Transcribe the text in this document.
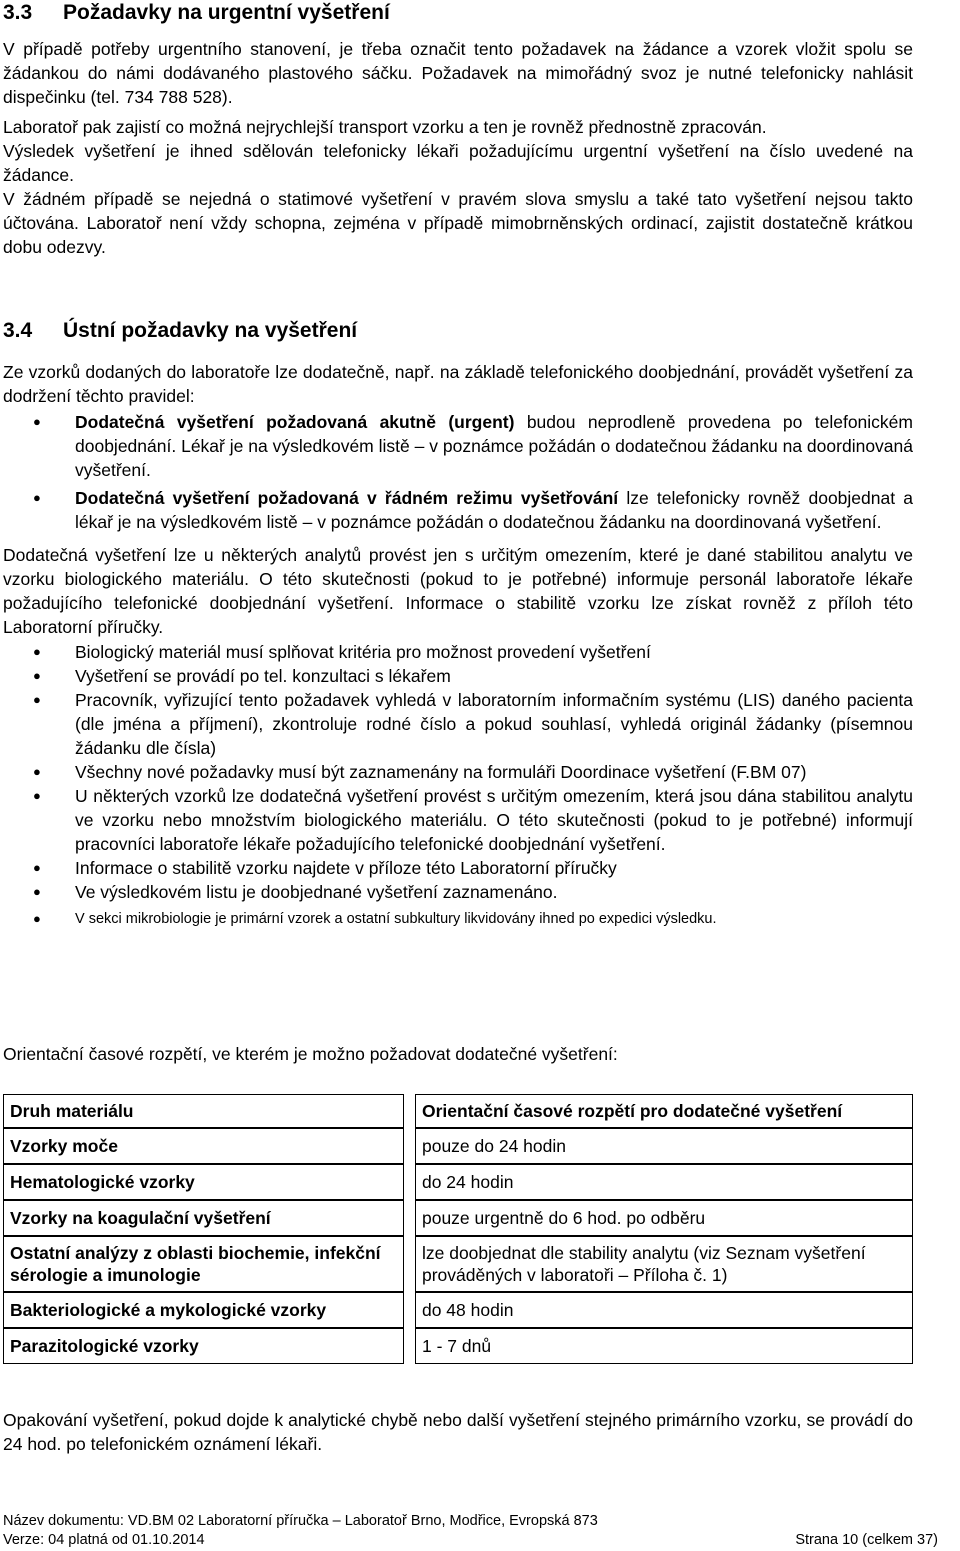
3.3 Požadavky na urgentní vyšetření

V případě potřeby urgentního stanovení, je třeba označit tento požadavek na žádance a vzorek vložit spolu se žádankou do námi dodávaného plastového sáčku. Požadavek na mimořádný svoz je nutné telefonicky nahlásit dispečinku (tel. 734 788 528).

Laboratoř pak zajistí co možná nejrychlejší transport vzorku a ten je rovněž přednostně zpracován.

Výsledek vyšetření je ihned sdělován telefonicky lékaři požadujícímu urgentní vyšetření na číslo uvedené na žádance.

V žádném případě se nejedná o statimové vyšetření v pravém slova smyslu a také tato vyšetření nejsou takto účtována. Laboratoř není vždy schopna, zejména v případě mimobrněnských ordinací, zajistit dostatečně krátkou dobu odezvy.

3.4 Ústní požadavky na vyšetření

Ze vzorků dodaných do laboratoře lze dodatečně, např. na základě telefonického doobjednání, provádět vyšetření za dodržení těchto pravidel:

● Dodatečná vyšetření požadovaná akutně (urgent) budou neprodleně provedena po telefonickém doobjednání. Lékař je na výsledkovém listě – v poznámce požádán o dodatečnou žádanku na doordinovaná vyšetření.
● Dodatečná vyšetření požadovaná v řádném režimu vyšetřování lze telefonicky rovněž doobjednat a lékař je na výsledkovém listě – v poznámce požádán o dodatečnou žádanku na doordinovaná vyšetření.

Dodatečná vyšetření lze u některých analytů provést jen s určitým omezením, které je dané stabilitou analytu ve vzorku biologického materiálu. O této skutečnosti (pokud to je potřebné) informuje personál laboratoře lékaře požadujícího telefonické doobjednání vyšetření. Informace o stabilitě vzorku lze získat rovněž z příloh této Laboratorní příručky.

● Biologický materiál musí splňovat kritéria pro možnost provedení vyšetření
● Vyšetření se provádí po tel. konzultaci s lékařem
● Pracovník, vyřizující tento požadavek vyhledá v laboratorním informačním systému (LIS) daného pacienta (dle jména a příjmení), zkontroluje rodné číslo a pokud souhlasí, vyhledá originál žádanky (písemnou žádanku dle čísla)
● Všechny nové požadavky musí být zaznamenány na formuláři Doordinace vyšetření (F.BM 07)
● U některých vzorků lze dodatečná vyšetření provést s určitým omezením, která jsou dána stabilitou analytu ve vzorku nebo množstvím biologického materiálu. O této skutečnosti (pokud to je potřebné) informují pracovníci laboratoře lékaře požadujícího telefonické doobjednání vyšetření.
● Informace o stabilitě vzorku najdete v příloze této Laboratorní příručky
● Ve výsledkovém listu je doobjednané vyšetření zaznamenáno.
● V sekci mikrobiologie je primární vzorek a ostatní subkultury likvidovány ihned po expedici výsledku.

Orientační časové rozpětí, ve kterém je možno požadovat dodatečné vyšetření:

Druh materiálu		Orientační časové rozpětí pro dodatečné vyšetření
Vzorky moče		pouze do 24 hodin
Hematologické vzorky		do 24 hodin
Vzorky na koagulační vyšetření		pouze urgentně do 6 hod. po odběru
Ostatní analýzy z oblasti biochemie, infekční sérologie a imunologie		lze doobjednat dle stability analytu (viz Seznam vyšetření prováděných v laboratoři – Příloha č. 1)
Bakteriologické a mykologické vzorky		do 48 hodin
Parazitologické vzorky		1 - 7 dnů

Opakování vyšetření, pokud dojde k analytické chybě nebo další vyšetření stejného primárního vzorku, se provádí do 24 hod. po telefonickém oznámení lékaři.

Název dokumentu: VD.BM 02 Laboratorní příručka – Laboratoř Brno, Modřice, Evropská 873
Verze: 04 platná od 01.10.2014	Strana 10 (celkem 37)
